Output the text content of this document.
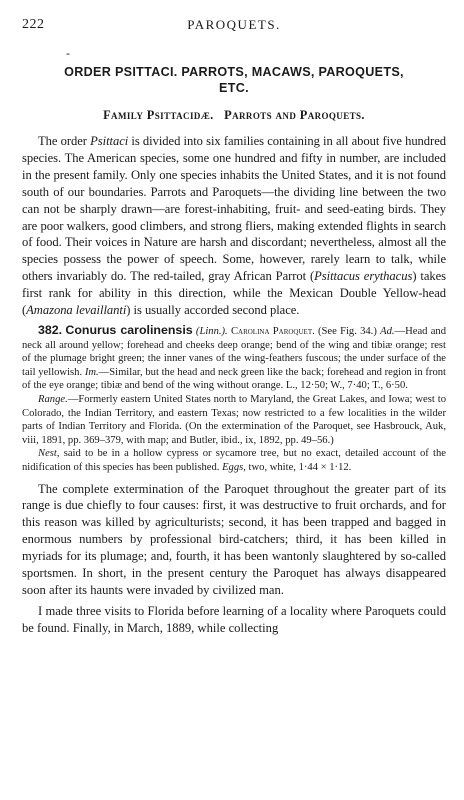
222	PAROQUETS.
-
ORDER PSITTACI. PARROTS, MACAWS, PAROQUETS,
ETC.
Family Psittacidæ. Parrots and Paroquets.

The order Psittaci is divided into six families containing in all about five hundred species. The American species, some one hundred and fifty in number, are included in the present family. Only one species inhabits the United States, and it is not found south of our boundaries. Parrots and Paroquets—the dividing line between the two can not be sharply drawn—are forest-inhabiting, fruit- and seed-eating birds. They are poor walkers, good climbers, and strong fliers, making extended flights in search of food. Their voices in Nature are harsh and discordant; nevertheless, almost all the species possess the power of speech. Some, however, rarely learn to talk, while others invariably do. The red-tailed, gray African Parrot (Psittacus erythacus) takes first rank for ability in this direction, while the Mexican Double Yellow-head (Amazona levaillanti) is usually accorded second place.

382. Conurus carolinensis (Linn.). Carolina Paroquet. (See Fig. 34.) Ad.—Head and neck all around yellow; forehead and cheeks deep orange; bend of the wing and tibiæ orange; rest of the plumage bright green; the inner vanes of the wing-feathers fuscous; the under surface of the tail yellowish. Im.—Similar, but the head and neck green like the back; forehead and region in front of the eye orange; tibiæ and bend of the wing without orange. L., 12·50; W., 7·40; T., 6·50.

Range.—Formerly eastern United States north to Maryland, the Great Lakes, and Iowa; west to Colorado, the Indian Territory, and eastern Texas; now restricted to a few localities in the wilder parts of Indian Territory and Florida. (On the extermination of the Paroquet, see Hasbrouck, Auk, viii, 1891, pp. 369–379, with map; and Butler, ibid., ix, 1892, pp. 49–56.)

Nest, said to be in a hollow cypress or sycamore tree, but no exact, detailed account of the nidification of this species has been published. Eggs, two, white, 1·44 × 1·12.

The complete extermination of the Paroquet throughout the greater part of its range is due chiefly to four causes: first, it was destructive to fruit orchards, and for this reason was killed by agriculturists; second, it has been trapped and bagged in enormous numbers by professional bird-catchers; third, it has been killed in myriads for its plumage; and, fourth, it has been wantonly slaughtered by so-called sportsmen. In short, in the present century the Paroquet has always disappeared soon after its haunts were invaded by civilized man.

I made three visits to Florida before learning of a locality where Paroquets could be found. Finally, in March, 1889, while collecting
